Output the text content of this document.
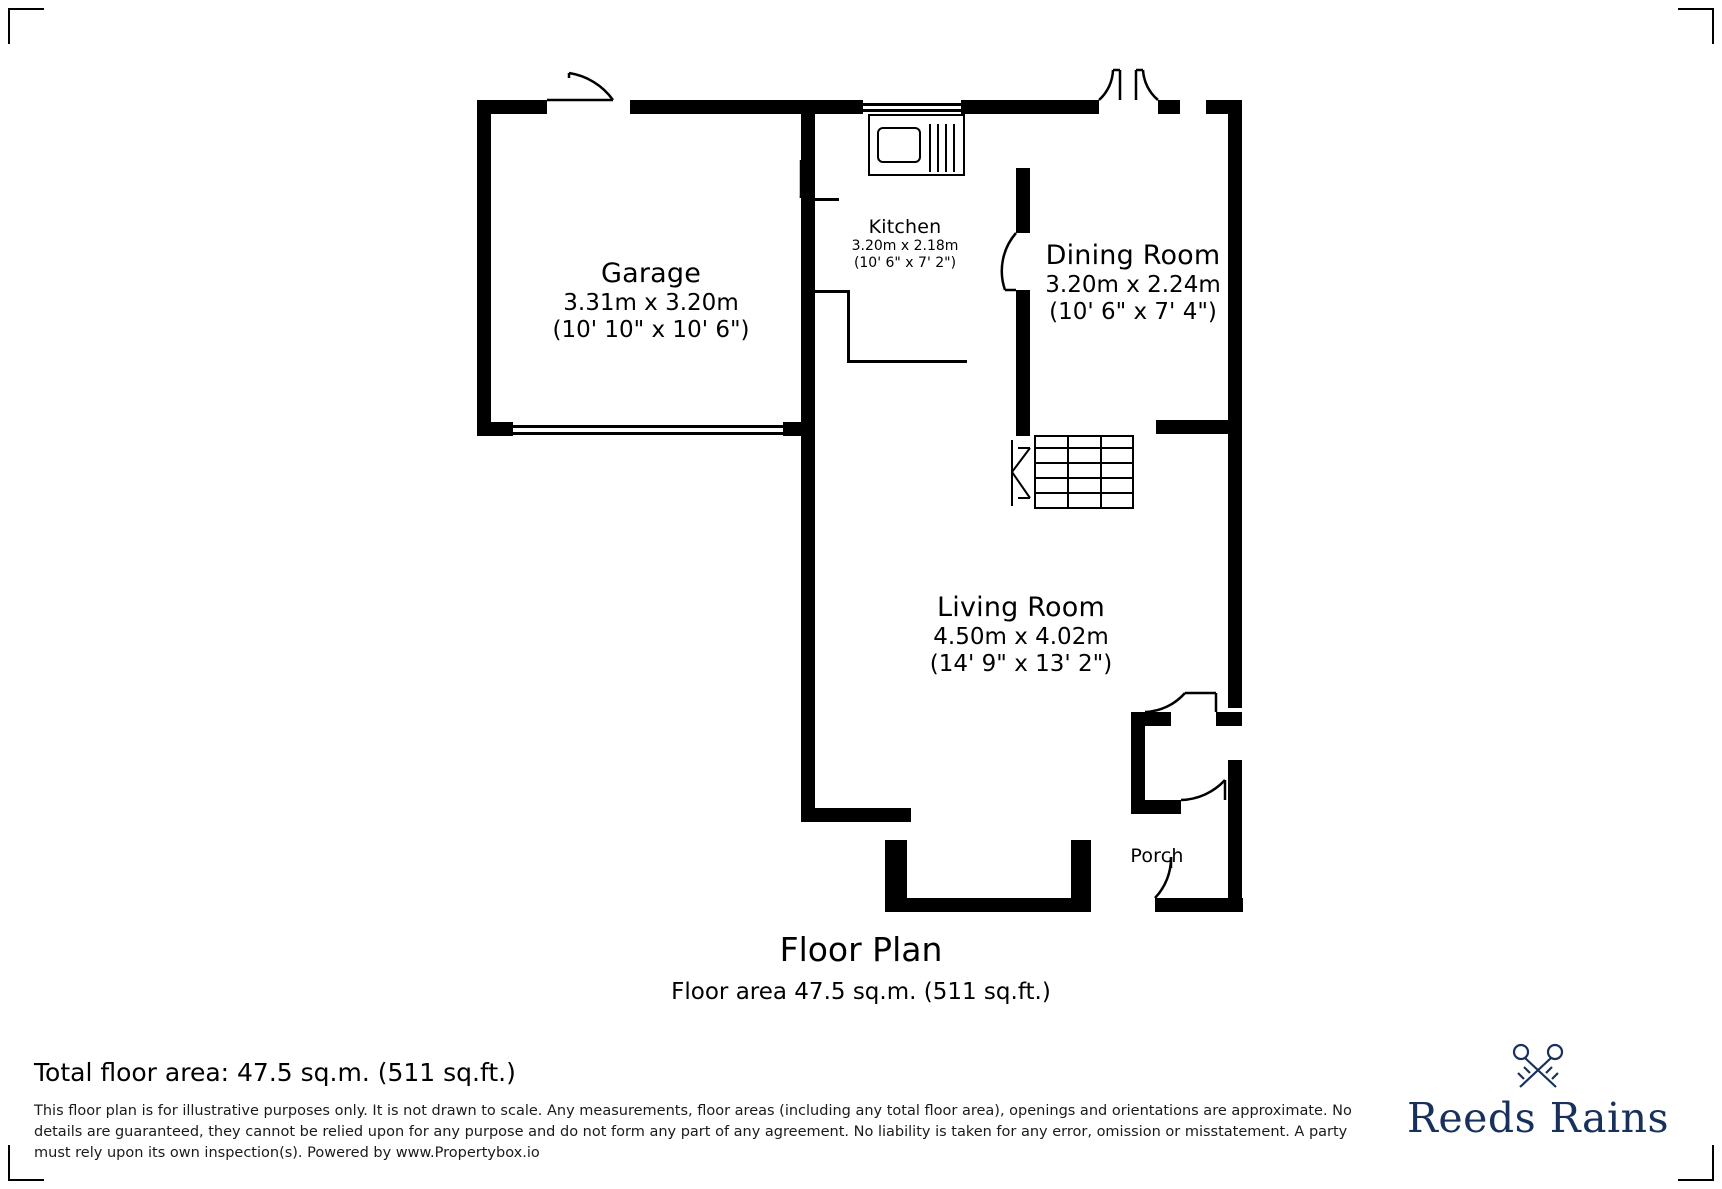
Garage
3.31m x 3.20m
(10' 10" x 10' 6")
Kitchen
3.20m x 2.18m
(10' 6" x 7' 2")	Dining Room
3.20m x 2.24m
(10' 6" x 7' 4")
Living Room
4.50m x 4.02m
(14' 9" x 13' 2")
Porch
Floor Plan
Floor area 47.5 sq.m. (511 sq.ft.)
Total floor area: 47.5 sq.m. (511 sq.ft.)
This floor plan is for illustrative purposes only. It is not drawn to scale. Any measurements, floor areas (including any total floor area), openings and orientations are approximate. No details are guaranteed, they cannot be relied upon for any purpose and do not form any part of any agreement. No liability is taken for any error, omission or misstatement. A party must rely upon its own inspection(s). Powered by www.Propertybox.io
Reeds Rains
